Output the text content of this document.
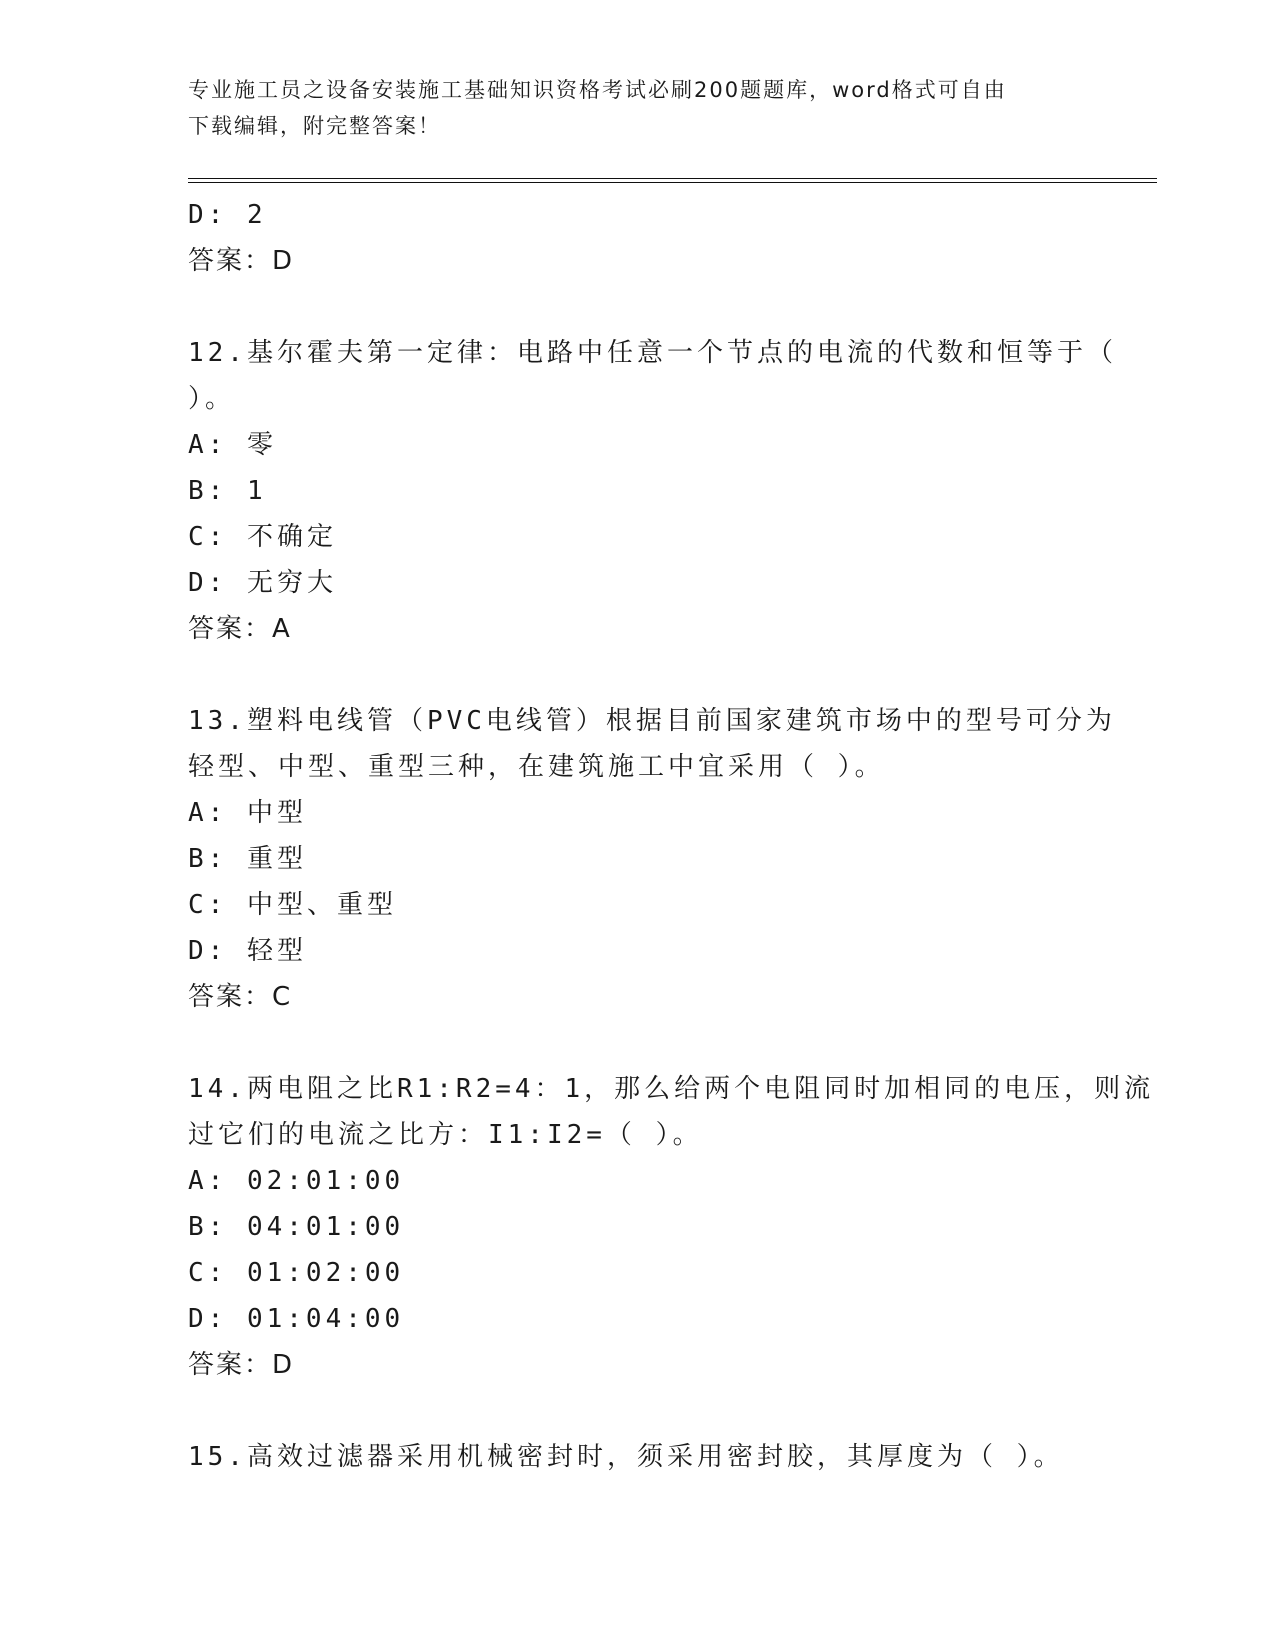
专业施工员之设备安装施工基础知识资格考试必刷200题题库，word格式可自由
下载编辑，附完整答案！
D: 2
答案：D
12.基尔霍夫第一定律：电路中任意一个节点的电流的代数和恒等于（
）。
A: 零
B: 1
C: 不确定
D: 无穷大
答案：A
13.塑料电线管（PVC电线管）根据目前国家建筑市场中的型号可分为
轻型、中型、重型三种，在建筑施工中宜采用（ ）。
A: 中型
B: 重型
C: 中型、重型
D: 轻型
答案：C
14.两电阻之比R1:R2=4：1，那么给两个电阻同时加相同的电压，则流
过它们的电流之比方：I1:I2=（ ）。
A: 02:01:00
B: 04:01:00
C: 01:02:00
D: 01:04:00
答案：D
15.高效过滤器采用机械密封时，须采用密封胶，其厚度为（ ）。
